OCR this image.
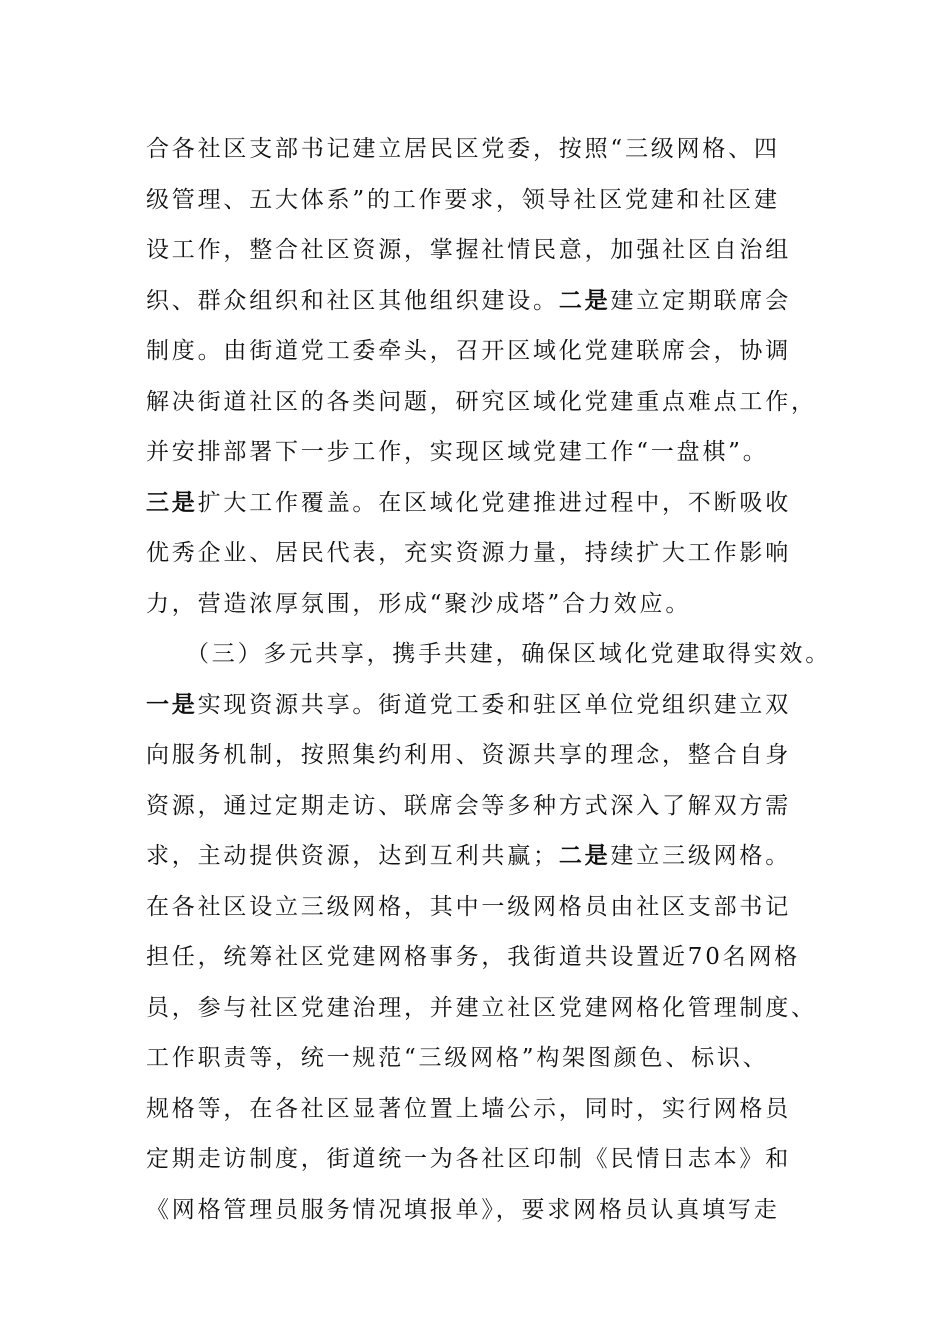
合各社区支部书记建立居民区党委，按照“三级网格、四
级管理、五大体系”的工作要求，领导社区党建和社区建
设工作，整合社区资源，掌握社情民意，加强社区自治组
织、群众组织和社区其他组织建设。二是建立定期联席会
制度。由街道党工委牵头，召开区域化党建联席会，协调
解决街道社区的各类问题，研究区域化党建重点难点工作，
并安排部署下一步工作，实现区域党建工作“一盘棋”。
三是扩大工作覆盖。在区域化党建推进过程中，不断吸收
优秀企业、居民代表，充实资源力量，持续扩大工作影响
力，营造浓厚氛围，形成“聚沙成塔”合力效应。
（三）多元共享，携手共建，确保区域化党建取得实效。
一是实现资源共享。街道党工委和驻区单位党组织建立双
向服务机制，按照集约利用、资源共享的理念，整合自身
资源，通过定期走访、联席会等多种方式深入了解双方需
求，主动提供资源，达到互利共赢；二是建立三级网格。
在各社区设立三级网格，其中一级网格员由社区支部书记
担任，统筹社区党建网格事务，我街道共设置近70名网格
员，参与社区党建治理，并建立社区党建网格化管理制度、
工作职责等，统一规范“三级网格”构架图颜色、标识、
规格等，在各社区显著位置上墙公示，同时，实行网格员
定期走访制度，街道统一为各社区印制《民情日志本》和
《网格管理员服务情况填报单》，要求网格员认真填写走
